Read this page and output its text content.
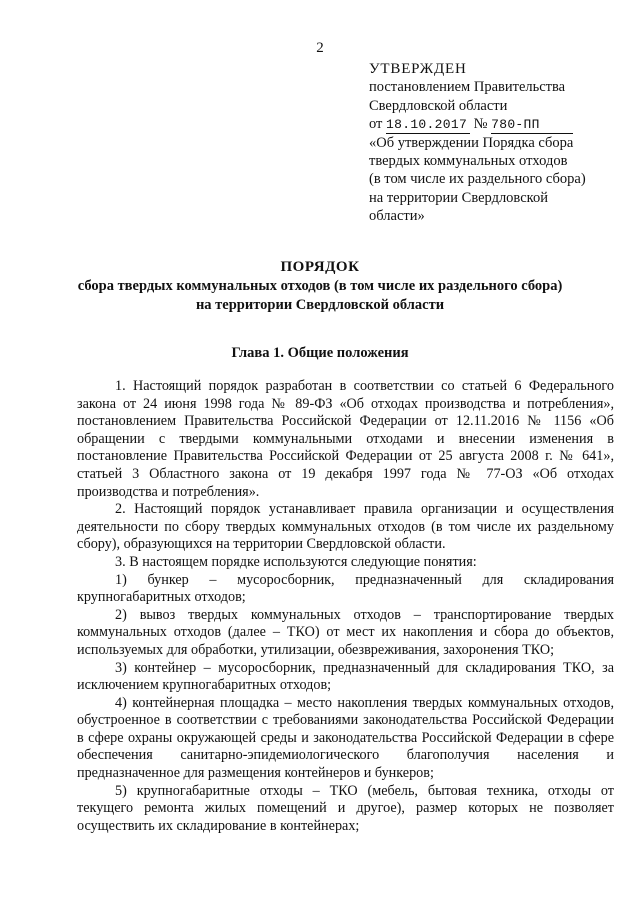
2
УТВЕРЖДЕН
постановлением Правительства
Свердловской области
от 18.10.2017 № 780-ПП
«Об утверждении Порядка сбора
твердых коммунальных отходов
(в том числе их раздельного сбора)
на территории Свердловской
области»
ПОРЯДОК
сбора твердых коммунальных отходов (в том числе их раздельного сбора)
на территории Свердловской области
Глава 1. Общие положения

1. Настоящий порядок разработан в соответствии со статьей 6 Федерального закона от 24 июня 1998 года № 89-ФЗ «Об отходах производства и потребления», постановлением Правительства Российской Федерации от 12.11.2016 № 1156 «Об обращении с твердыми коммунальными отходами и внесении изменения в постановление Правительства Российской Федерации от 25 августа 2008 г. № 641», статьей 3 Областного закона от 19 декабря 1997 года № 77-ОЗ «Об отходах производства и потребления».

2. Настоящий порядок устанавливает правила организации и осуществления деятельности по сбору твердых коммунальных отходов (в том числе их раздельному сбору), образующихся на территории Свердловской области.

3. В настоящем порядке используются следующие понятия:

1) бункер – мусоросборник, предназначенный для складирования крупногабаритных отходов;

2) вывоз твердых коммунальных отходов – транспортирование твердых коммунальных отходов (далее – ТКО) от мест их накопления и сбора до объектов, используемых для обработки, утилизации, обезвреживания, захоронения ТКО;

3) контейнер – мусоросборник, предназначенный для складирования ТКО, за исключением крупногабаритных отходов;

4) контейнерная площадка – место накопления твердых коммунальных отходов, обустроенное в соответствии с требованиями законодательства Российской Федерации в сфере охраны окружающей среды и законодательства Российской Федерации в сфере обеспечения санитарно-эпидемиологического благополучия населения и предназначенное для размещения контейнеров и бункеров;

5) крупногабаритные отходы – ТКО (мебель, бытовая техника, отходы от текущего ремонта жилых помещений и другое), размер которых не позволяет осуществить их складирование в контейнерах;
